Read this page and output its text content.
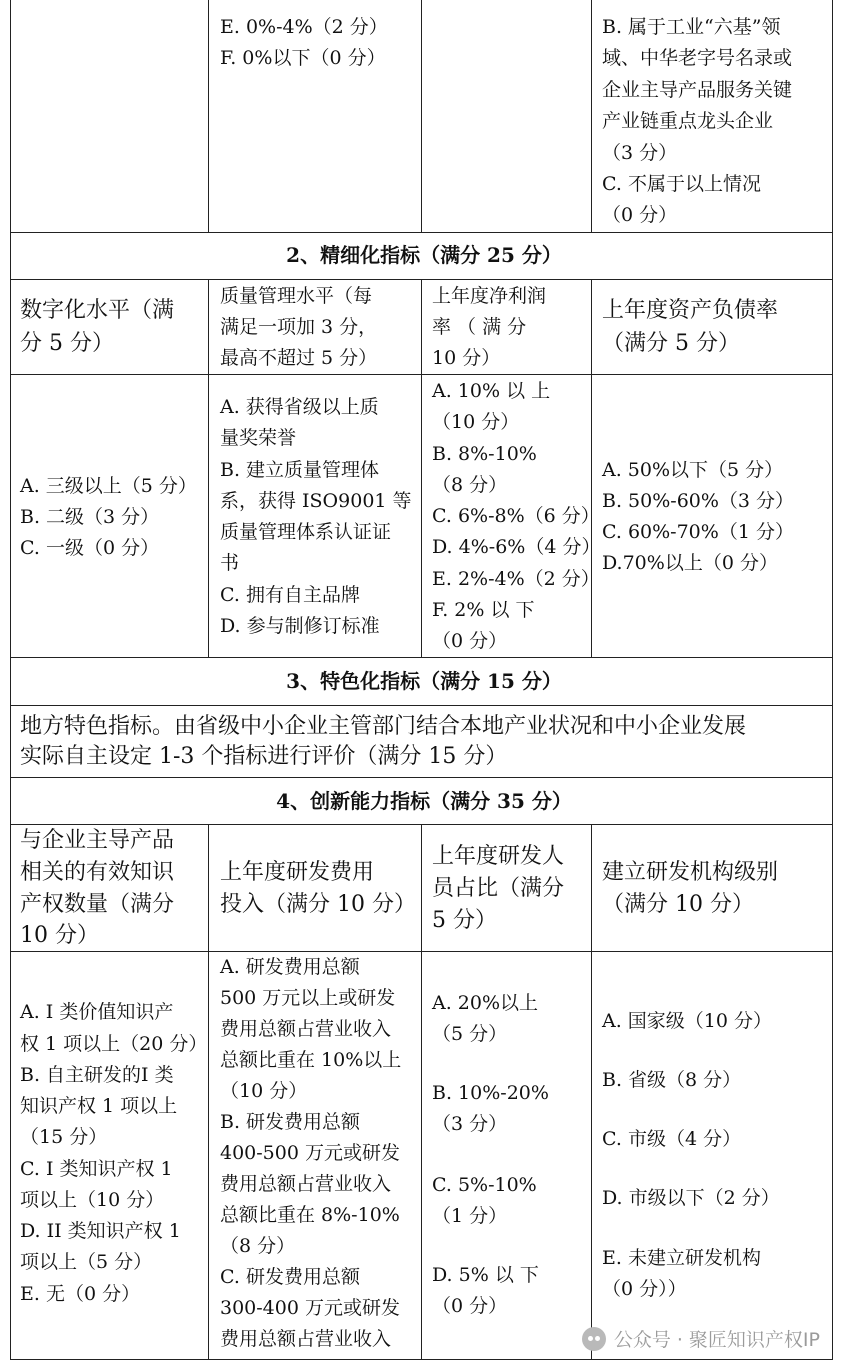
E. 0%-4%（2 分）
F. 0%以下（0 分）
B. 属于工业“六基”领
域、中华老字号名录或
企业主导产品服务关键
产业链重点龙头企业
（3 分）
C. 不属于以上情况
（0 分）
2、精细化指标（满分 25 分）
数字化水平（满
分 5 分）
质量管理水平（每
满足一项加 3 分，
最高不超过 5 分）
上年度净利润
率 （ 满 分
10 分）
上年度资产负债率
（满分 5 分）
A. 三级以上（5 分）
B. 二级（3 分）
C. 一级（0 分）
A. 获得省级以上质
量奖荣誉
B. 建立质量管理体
系，获得 ISO9001 等
质量管理体系认证证
书
C. 拥有自主品牌
D. 参与制修订标准
A. 10% 以 上
（10 分）
B. 8%-10%
（8 分）
C. 6%-8%（6 分）
D. 4%-6%（4 分）
E. 2%-4%（2 分）
F. 2% 以 下
（0 分）
A. 50%以下（5 分）
B. 50%-60%（3 分）
C. 60%-70%（1 分）
D.70%以上（0 分）
3、特色化指标（满分 15 分）
地方特色指标。由省级中小企业主管部门结合本地产业状况和中小企业发展
实际自主设定 1-3 个指标进行评价（满分 15 分）
4、创新能力指标（满分 35 分）
与企业主导产品
相关的有效知识
产权数量（满分
10 分）
上年度研发费用
投入（满分 10 分）
上年度研发人
员占比（满分
5 分）
建立研发机构级别
（满分 10 分）
A. I 类价值知识产
权 1 项以上（20 分）
B. 自主研发的I 类
知识产权 1 项以上
（15 分）
C. I 类知识产权 1
项以上（10 分）
D. II 类知识产权 1
项以上（5 分）
E. 无（0 分）
A. 研发费用总额
500 万元以上或研发
费用总额占营业收入
总额比重在 10%以上
（10 分）
B. 研发费用总额
400-500 万元或研发
费用总额占营业收入
总额比重在 8%-10%
（8 分）
C. 研发费用总额
300-400 万元或研发
费用总额占营业收入
A. 20%以上
（5 分）
B. 10%-20%
（3 分）
C. 5%-10%
（1 分）
D. 5% 以 下
（0 分）
A. 国家级（10 分）
B. 省级（8 分）
C. 市级（4 分）
D. 市级以下（2 分）
E. 未建立研发机构
（0 分））
公众号 · 聚匠知识产权IP
